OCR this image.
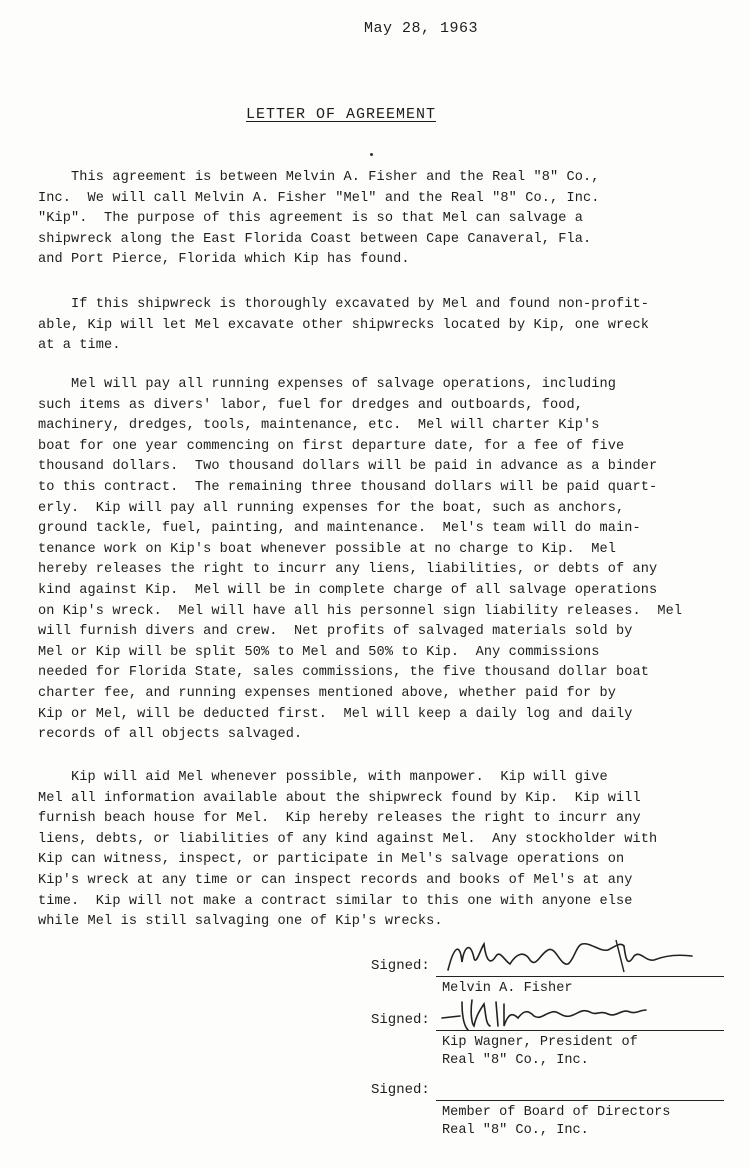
May 28, 1963
LETTER OF AGREEMENT
This agreement is between Melvin A. Fisher and the Real "8" Co.,
Inc.  We will call Melvin A. Fisher "Mel" and the Real "8" Co., Inc.
"Kip".  The purpose of this agreement is so that Mel can salvage a
shipwreck along the East Florida Coast between Cape Canaveral, Fla.
and Port Pierce, Florida which Kip has found.
If this shipwreck is thoroughly excavated by Mel and found non-profit-
able, Kip will let Mel excavate other shipwrecks located by Kip, one wreck
at a time.
Mel will pay all running expenses of salvage operations, including
such items as divers' labor, fuel for dredges and outboards, food,
machinery, dredges, tools, maintenance, etc.  Mel will charter Kip's
boat for one year commencing on first departure date, for a fee of five
thousand dollars.  Two thousand dollars will be paid in advance as a binder
to this contract.  The remaining three thousand dollars will be paid quart-
erly.  Kip will pay all running expenses for the boat, such as anchors,
ground tackle, fuel, painting, and maintenance.  Mel's team will do main-
tenance work on Kip's boat whenever possible at no charge to Kip.  Mel
hereby releases the right to incurr any liens, liabilities, or debts of any
kind against Kip.  Mel will be in complete charge of all salvage operations
on Kip's wreck.  Mel will have all his personnel sign liability releases.  Mel
will furnish divers and crew.  Net profits of salvaged materials sold by
Mel or Kip will be split 50% to Mel and 50% to Kip.  Any commissions
needed for Florida State, sales commissions, the five thousand dollar boat
charter fee, and running expenses mentioned above, whether paid for by
Kip or Mel, will be deducted first.  Mel will keep a daily log and daily
records of all objects salvaged.
Kip will aid Mel whenever possible, with manpower.  Kip will give
Mel all information available about the shipwreck found by Kip.  Kip will
furnish beach house for Mel.  Kip hereby releases the right to incurr any
liens, debts, or liabilities of any kind against Mel.  Any stockholder with
Kip can witness, inspect, or participate in Mel's salvage operations on
Kip's wreck at any time or can inspect records and books of Mel's at any
time.  Kip will not make a contract similar to this one with anyone else
while Mel is still salvaging one of Kip's wrecks.
Signed:
Melvin A. Fisher
Signed:
Kip Wagner, President of
Real "8" Co., Inc.
Signed:
Member of Board of Directors
Real "8" Co., Inc.
